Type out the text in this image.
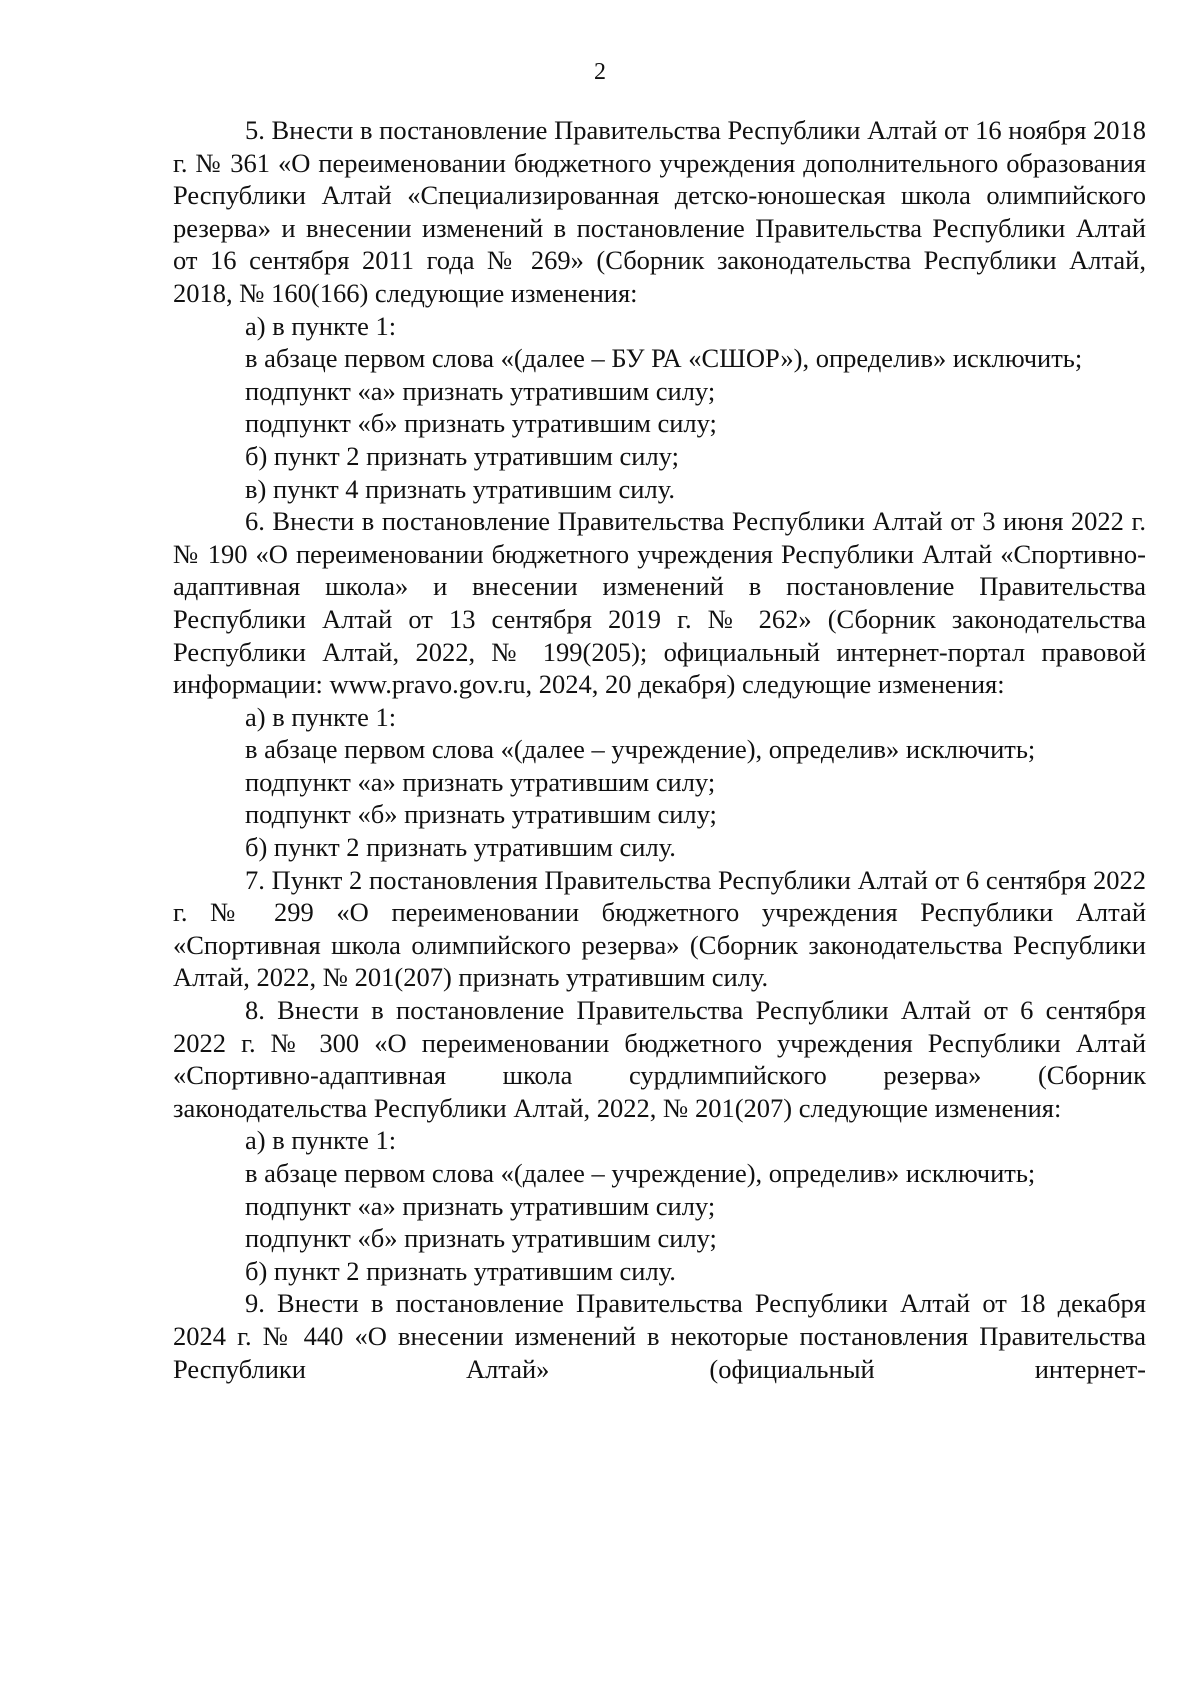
2

5. Внести в постановление Правительства Республики Алтай от 16 ноября 2018 г. № 361 «О переименовании бюджетного учреждения дополнительного образования Республики Алтай «Специализированная детско-юношеская школа олимпийского резерва» и внесении изменений в постановление Правительства Республики Алтай от 16 сентября 2011 года № 269» (Сборник законодательства Республики Алтай, 2018, № 160(166) следующие изменения:

а) в пункте 1:

в абзаце первом слова «(далее – БУ РА «СШОР»), определив» исключить;

подпункт «а» признать утратившим силу;

подпункт «б» признать утратившим силу;

б) пункт 2 признать утратившим силу;

в) пункт 4 признать утратившим силу.

6. Внести в постановление Правительства Республики Алтай от 3 июня 2022 г. № 190 «О переименовании бюджетного учреждения Республики Алтай «Спортивно-адаптивная школа» и внесении изменений в постановление Правительства Республики Алтай от 13 сентября 2019 г. № 262» (Сборник законодательства Республики Алтай, 2022, № 199(205); официальный интернет-портал правовой информации: www.pravo.gov.ru, 2024, 20 декабря) следующие изменения:

а) в пункте 1:

в абзаце первом слова «(далее – учреждение), определив» исключить;

подпункт «а» признать утратившим силу;

подпункт «б» признать утратившим силу;

б) пункт 2 признать утратившим силу.

7. Пункт 2 постановления Правительства Республики Алтай от 6 сентября 2022 г. № 299 «О переименовании бюджетного учреждения Республики Алтай «Спортивная школа олимпийского резерва» (Сборник законодательства Республики Алтай, 2022, № 201(207) признать утратившим силу.

8. Внести в постановление Правительства Республики Алтай от 6 сентября 2022 г. № 300 «О переименовании бюджетного учреждения Республики Алтай «Спортивно-адаптивная школа сурдлимпийского резерва» (Сборник законодательства Республики Алтай, 2022, № 201(207) следующие изменения:

а) в пункте 1:

в абзаце первом слова «(далее – учреждение), определив» исключить;

подпункт «а» признать утратившим силу;

подпункт «б» признать утратившим силу;

б) пункт 2 признать утратившим силу.

9. Внести в постановление Правительства Республики Алтай от 18 декабря 2024 г. № 440 «О внесении изменений в некоторые постановления Правительства Республики Алтай» (официальный интернет-
